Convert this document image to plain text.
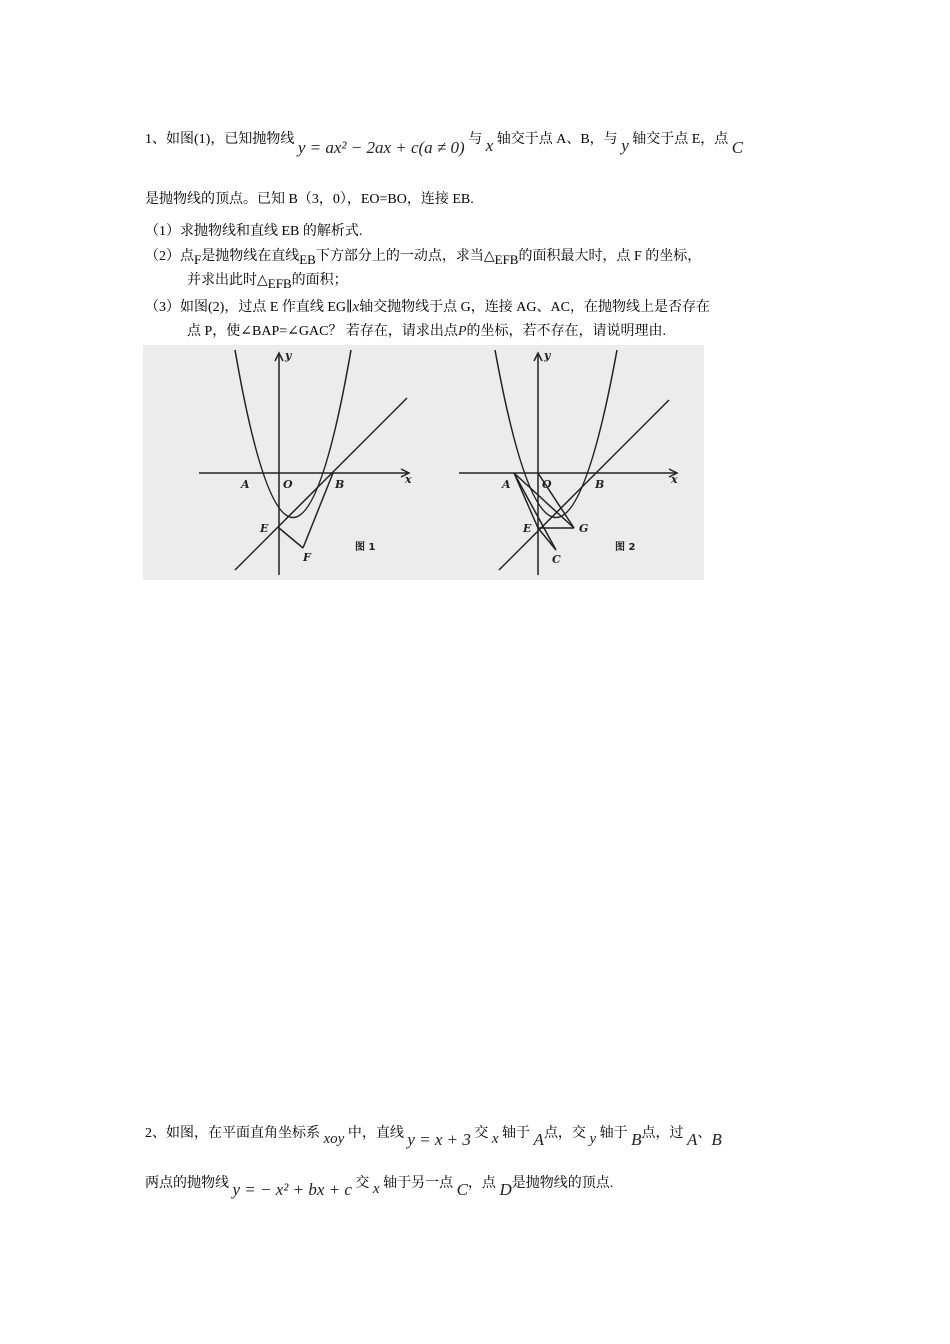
1、如图(1)，已知抛物线 y = ax² − 2ax + c(a ≠ 0) 与 x 轴交于点 A、B，与 y 轴交于点 E，点 C
是抛物线的顶点。已知 B（3，0），EO=BO，连接 EB.
（1）求抛物线和直线 EB 的解析式.
（2）点F是抛物线在直线EB下方部分上的一动点，求当△EFB的面积最大时，点 F 的坐标，
并求出此时△EFB的面积；
（3）如图(2)，过点 E 作直线 EG∥x轴交抛物线于点 G，连接 AG、AC，在抛物线上是否存在
点 P，使∠BAP=∠GAC？ 若存在，请求出点P的坐标，若不存在，请说明理由.
y
x
A	O	B
E
F
图 1
y
x
A	O	B
E	G
C
图 2
2、如图，在平面直角坐标系 xoy 中，直线 y = x + 3 交 x 轴于 A点，交 y 轴于 B点，过 A、B
两点的抛物线 y = − x² + bx + c 交 x 轴于另一点 C，点 D是抛物线的顶点.
